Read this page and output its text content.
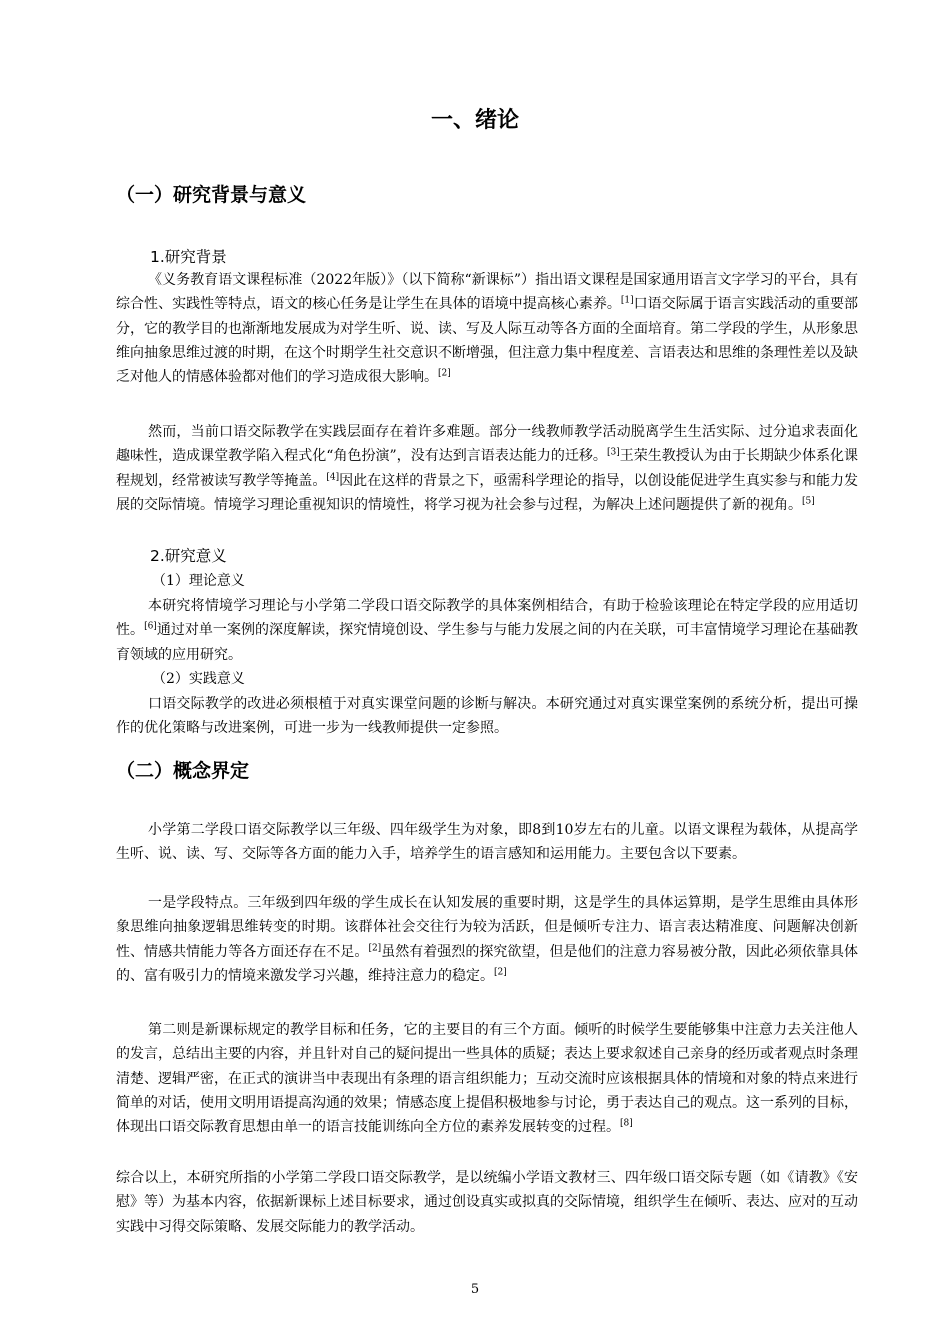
一、绪论
（一）研究背景与意义
1.研究背景
《义务教育语文课程标准（2022年版）》（以下简称“新课标”）指出语文课程是国家通用语言文字学习的平台，具有综合性、实践性等特点，语文的核心任务是让学生在具体的语境中提高核心素养。[1]口语交际属于语言实践活动的重要部分，它的教学目的也渐渐地发展成为对学生听、说、读、写及人际互动等各方面的全面培育。第二学段的学生，从形象思维向抽象思维过渡的时期，在这个时期学生社交意识不断增强，但注意力集中程度差、言语表达和思维的条理性差以及缺乏对他人的情感体验都对他们的学习造成很大影响。[2]
然而，当前口语交际教学在实践层面存在着许多难题。部分一线教师教学活动脱离学生生活实际、过分追求表面化趣味性，造成课堂教学陷入程式化“角色扮演”，没有达到言语表达能力的迁移。[3]王荣生教授认为由于长期缺少体系化课程规划，经常被读写教学等掩盖。[4]因此在这样的背景之下，亟需科学理论的指导，以创设能促进学生真实参与和能力发展的交际情境。情境学习理论重视知识的情境性，将学习视为社会参与过程，为解决上述问题提供了新的视角。[5]
2.研究意义
（1）理论意义
本研究将情境学习理论与小学第二学段口语交际教学的具体案例相结合，有助于检验该理论在特定学段的应用适切性。[6]通过对单一案例的深度解读，探究情境创设、学生参与与能力发展之间的内在关联，可丰富情境学习理论在基础教育领域的应用研究。
（2）实践意义
口语交际教学的改进必须根植于对真实课堂问题的诊断与解决。本研究通过对真实课堂案例的系统分析，提出可操作的优化策略与改进案例，可进一步为一线教师提供一定参照。
（二）概念界定
小学第二学段口语交际教学以三年级、四年级学生为对象，即8到10岁左右的儿童。以语文课程为载体，从提高学生听、说、读、写、交际等各方面的能力入手，培养学生的语言感知和运用能力。主要包含以下要素。
一是学段特点。三年级到四年级的学生成长在认知发展的重要时期，这是学生的具体运算期，是学生思维由具体形象思维向抽象逻辑思维转变的时期。该群体社会交往行为较为活跃，但是倾听专注力、语言表达精准度、问题解决创新性、情感共情能力等各方面还存在不足。[2]虽然有着强烈的探究欲望，但是他们的注意力容易被分散，因此必须依靠具体的、富有吸引力的情境来激发学习兴趣，维持注意力的稳定。[2]
第二则是新课标规定的教学目标和任务，它的主要目的有三个方面。倾听的时候学生要能够集中注意力去关注他人的发言，总结出主要的内容，并且针对自己的疑问提出一些具体的质疑；表达上要求叙述自己亲身的经历或者观点时条理清楚、逻辑严密，在正式的演讲当中表现出有条理的语言组织能力；互动交流时应该根据具体的情境和对象的特点来进行简单的对话，使用文明用语提高沟通的效果；情感态度上提倡积极地参与讨论，勇于表达自己的观点。这一系列的目标，体现出口语交际教育思想由单一的语言技能训练向全方位的素养发展转变的过程。[8]
综合以上，本研究所指的小学第二学段口语交际教学，是以统编小学语文教材三、四年级口语交际专题（如《请教》《安慰》等）为基本内容，依据新课标上述目标要求，通过创设真实或拟真的交际情境，组织学生在倾听、表达、应对的互动实践中习得交际策略、发展交际能力的教学活动。
5
